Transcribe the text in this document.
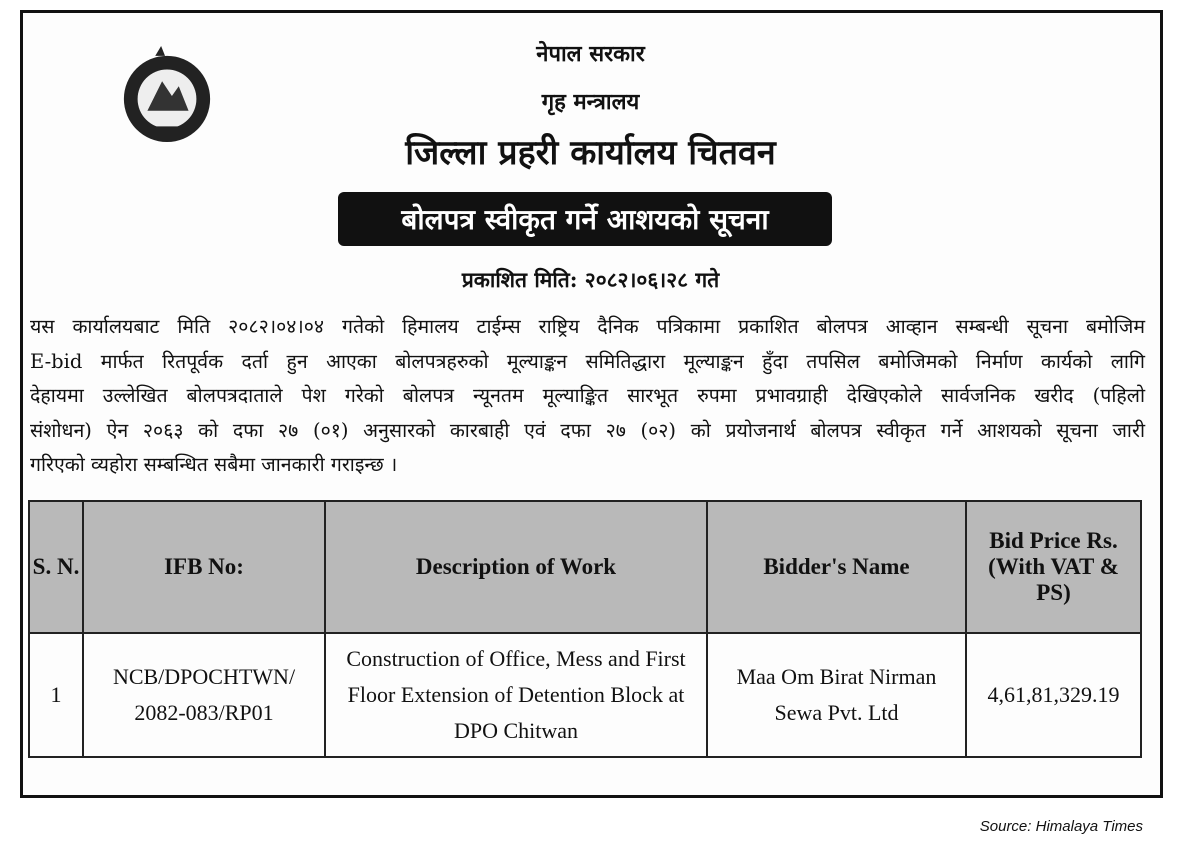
नेपाल सरकार
गृह मन्त्रालय
जिल्ला प्रहरी कार्यालय चितवन
बोलपत्र स्वीकृत गर्ने आशयको सूचना
प्रकाशित मिति: २०८२।०६।२८ गते
यस कार्यालयबाट मिति २०८२।०४।०४ गतेको हिमालय टाईम्स राष्ट्रिय दैनिक पत्रिकामा प्रकाशित बोलपत्र आव्हान सम्बन्धी सूचना बमोजिम
E-bid मार्फत रितपूर्वक दर्ता हुन आएका बोलपत्रहरुको मूल्याङ्कन समितिद्धारा मूल्याङ्कन हुँदा तपसिल बमोजिमको निर्माण कार्यको लागि
देहायमा उल्लेखित बोलपत्रदाताले पेश गरेको बोलपत्र न्यूनतम मूल्याङ्कित सारभूत रुपमा प्रभावग्राही देखिएकोले सार्वजनिक खरीद (पहिलो
संशोधन) ऐन २०६३ को दफा २७ (०१) अनुसारको कारबाही एवं दफा २७ (०२) को प्रयोजनार्थ बोलपत्र स्वीकृत गर्ने आशयको सूचना जारी
गरिएको व्यहोरा सम्बन्धित सबैमा जानकारी गराइन्छ ।
S. N.	IFB No:	Description of Work	Bidder's Name	Bid Price Rs. (With VAT & PS)
1	NCB/DPOCHTWN/ 2082-083/RP01	Construction of Office, Mess and First Floor Extension of Detention Block at DPO Chitwan	Maa Om Birat Nirman Sewa Pvt. Ltd	4,61,81,329.19
Source: Himalaya Times
